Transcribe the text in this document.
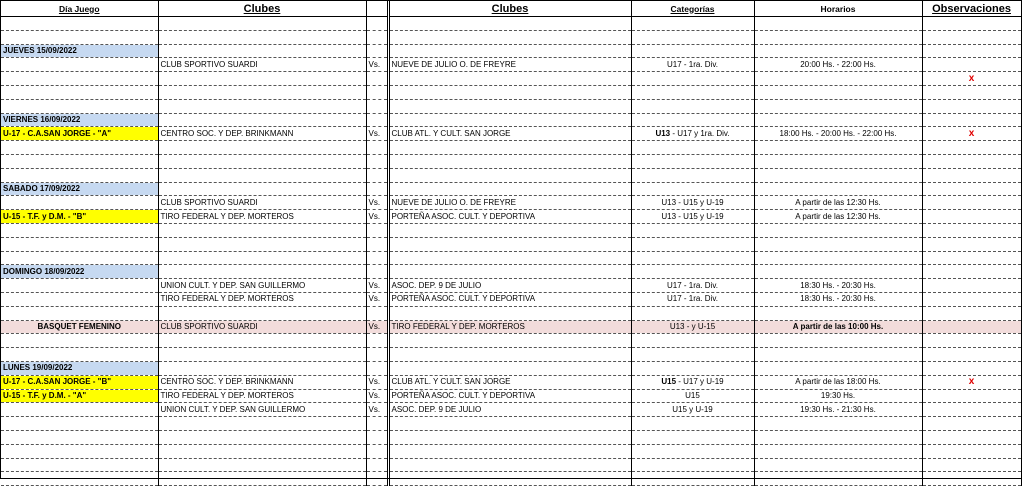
Día Juego	Clubes		Clubes	Categorías	Horarios	Observaciones

JUEVES 15/09/2022						
	CLUB SPORTIVO SUARDI	Vs.	NUEVE DE JULIO O. DE FREYRE	U17 - 1ra. Div.	20:00 Hs. - 22:00 Hs.	
						x

VIERNES 16/09/2022						
U-17 - C.A.SAN JORGE - "A"	CENTRO SOC. Y DEP. BRINKMANN	Vs.	CLUB ATL. Y CULT. SAN JORGE	U13 - U17 y 1ra. Div.	18:00 Hs. - 20:00 Hs. - 22:00 Hs.	x

SABADO 17/09/2022						
	CLUB SPORTIVO SUARDI	Vs.	NUEVE DE JULIO O. DE FREYRE	U13 - U15 y U-19	A partir de las 12:30 Hs.	
U-15 - T.F. y D.M. - "B"	TIRO FEDERAL Y DEP. MORTEROS	Vs.	PORTEÑA ASOC. CULT. Y DEPORTIVA	U13 - U15 y U-19	A partir de las 12:30 Hs.	

DOMINGO 18/09/2022						
	UNION CULT. Y DEP. SAN GUILLERMO	Vs.	ASOC. DEP. 9 DE JULIO	U17 - 1ra. Div.	18:30 Hs. - 20:30 Hs.	
	TIRO FEDERAL Y DEP. MORTEROS	Vs.	PORTEÑA ASOC. CULT. Y DEPORTIVA	U17 - 1ra. Div.	18:30 Hs. - 20:30 Hs.	

BASQUET FEMENINO	CLUB SPORTIVO SUARDI	Vs.	TIRO FEDERAL Y DEP. MORTEROS	U13 - y U-15	A partir de las 10:00 Hs.	

LUNES 19/09/2022						
U-17 - C.A.SAN JORGE - "B"	CENTRO SOC. Y DEP. BRINKMANN	Vs.	CLUB ATL. Y CULT. SAN JORGE	U15 - U17 y U-19	A partir de las 18:00 Hs.	x
U-15 - T.F. y D.M. - "A"	TIRO FEDERAL Y DEP. MORTEROS	Vs.	PORTEÑA ASOC. CULT. Y DEPORTIVA	U15	19:30 Hs.	
	UNION CULT. Y DEP. SAN GUILLERMO	Vs.	ASOC. DEP. 9 DE JULIO	U15 y U-19	19:30 Hs. - 21:30 Hs.	
